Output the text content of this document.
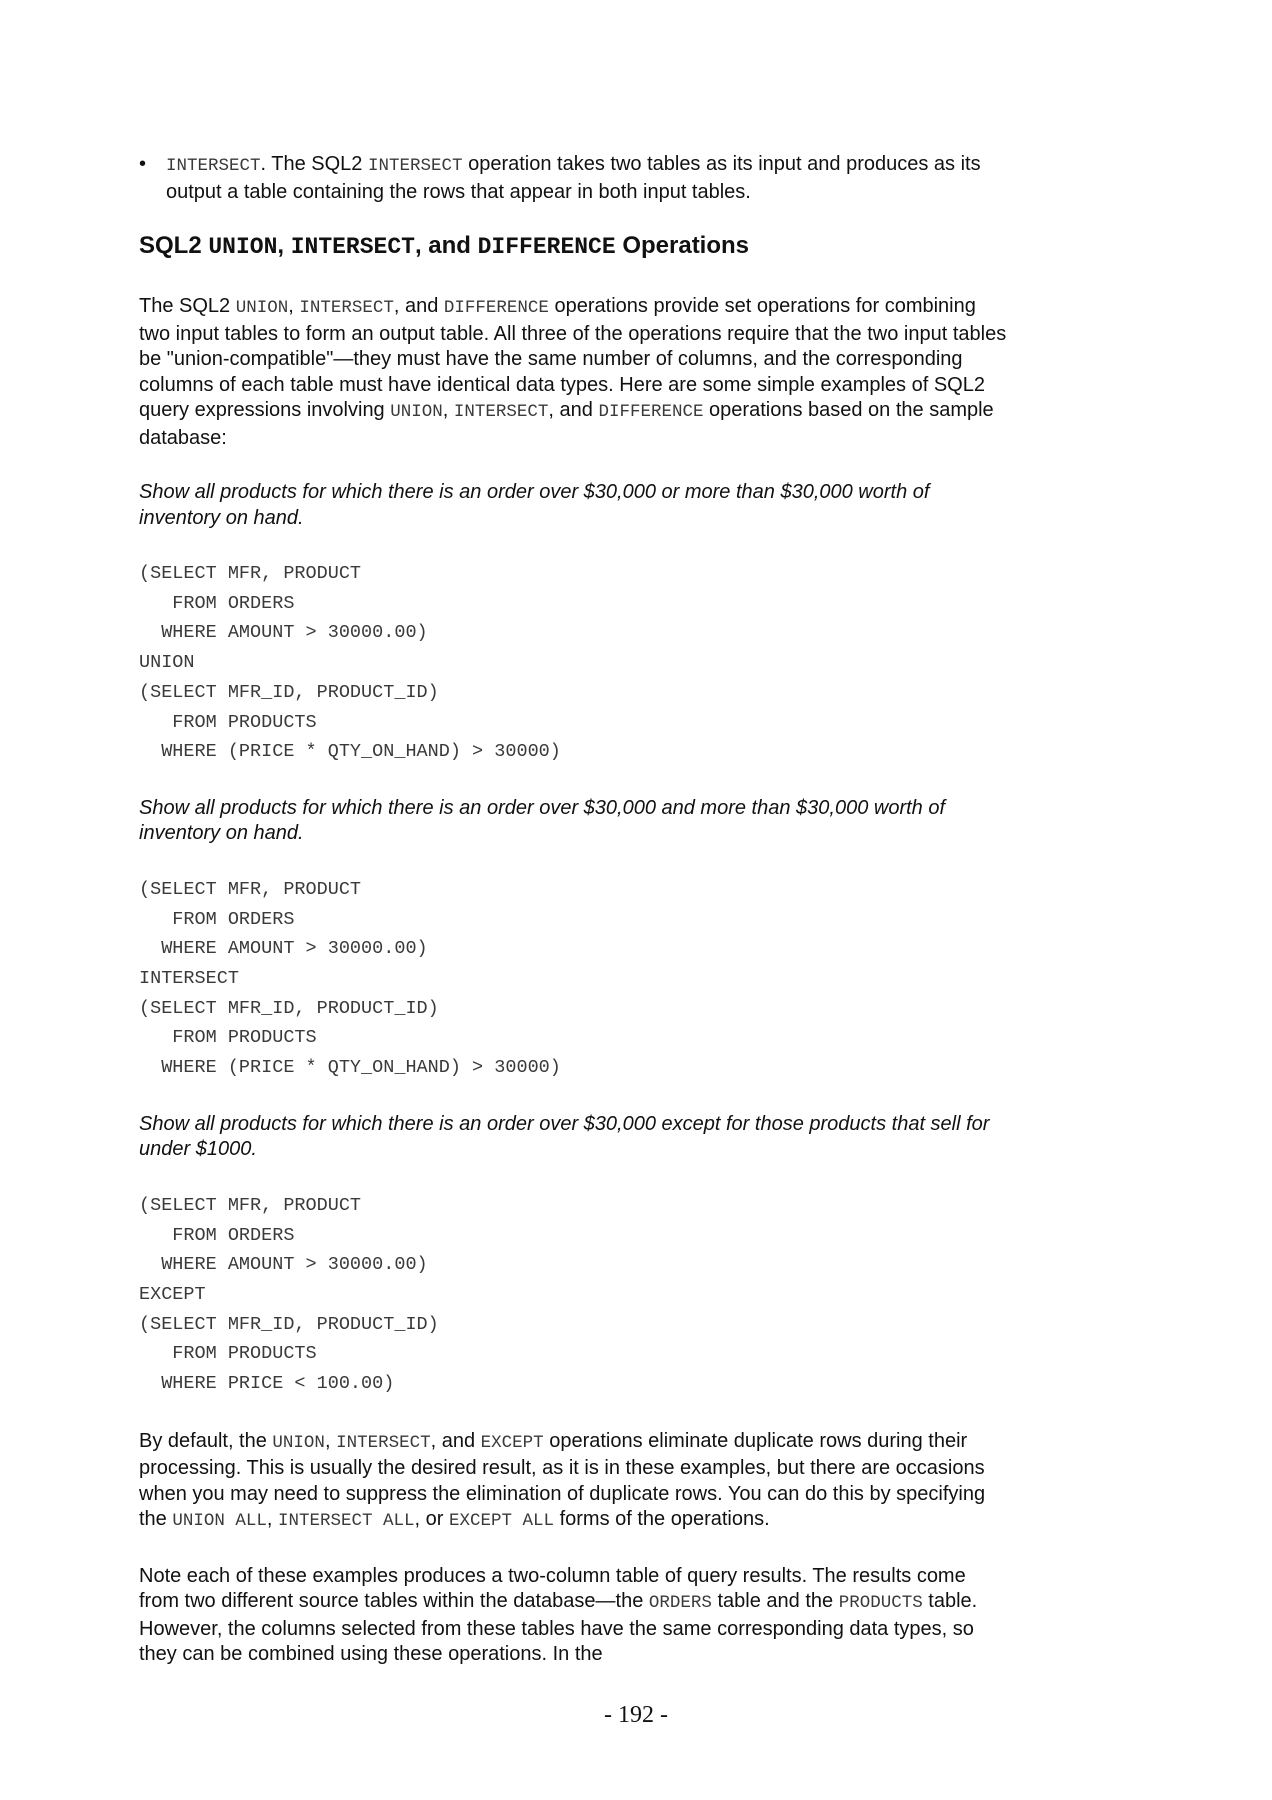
• INTERSECT. The SQL2 INTERSECT operation takes two tables as its input and produces as its output a table containing the rows that appear in both input tables.

SQL2 UNION, INTERSECT, and DIFFERENCE Operations

The SQL2 UNION, INTERSECT, and DIFFERENCE operations provide set operations for combining two input tables to form an output table. All three of the operations require that the two input tables be "union-compatible"—they must have the same number of columns, and the corresponding columns of each table must have identical data types. Here are some simple examples of SQL2 query expressions involving UNION, INTERSECT, and DIFFERENCE operations based on the sample database:

Show all products for which there is an order over $30,000 or more than $30,000 worth of inventory on hand.

(SELECT MFR, PRODUCT
FROM ORDERS
WHERE AMOUNT > 30000.00)
UNION
(SELECT MFR_ID, PRODUCT_ID)
FROM PRODUCTS
WHERE (PRICE * QTY_ON_HAND) > 30000)

Show all products for which there is an order over $30,000 and more than $30,000 worth of inventory on hand.

(SELECT MFR, PRODUCT
FROM ORDERS
WHERE AMOUNT > 30000.00)
INTERSECT
(SELECT MFR_ID, PRODUCT_ID)
FROM PRODUCTS
WHERE (PRICE * QTY_ON_HAND) > 30000)

Show all products for which there is an order over $30,000 except for those products that sell for under $1000.

(SELECT MFR, PRODUCT
FROM ORDERS
WHERE AMOUNT > 30000.00)
EXCEPT
(SELECT MFR_ID, PRODUCT_ID)
FROM PRODUCTS
WHERE PRICE < 100.00)

By default, the UNION, INTERSECT, and EXCEPT operations eliminate duplicate rows during their processing. This is usually the desired result, as it is in these examples, but there are occasions when you may need to suppress the elimination of duplicate rows. You can do this by specifying the UNION ALL, INTERSECT ALL, or EXCEPT ALL forms of the operations.

Note each of these examples produces a two-column table of query results. The results come from two different source tables within the database—the ORDERS table and the PRODUCTS table. However, the columns selected from these tables have the same corresponding data types, so they can be combined using these operations. In the

- 192 -
